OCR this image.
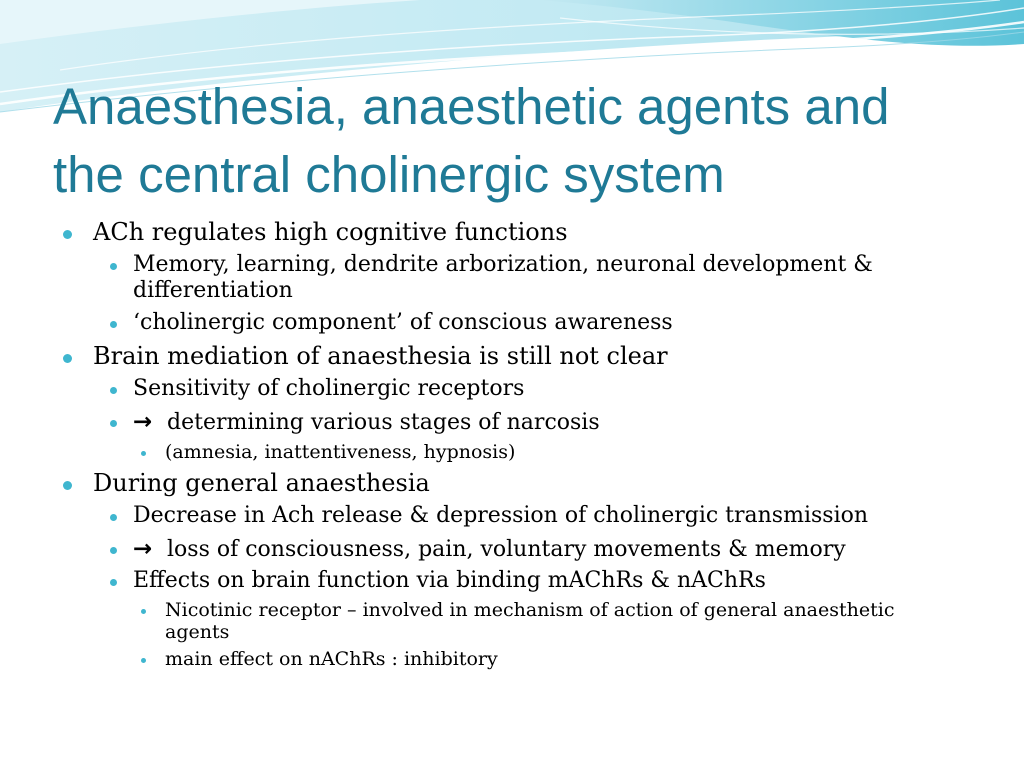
Anaesthesia, anaesthetic agents and the central cholinergic system
ACh regulates high cognitive functions
Memory, learning, dendrite arborization, neuronal development & differentiation
‘cholinergic component’ of conscious awareness
Brain mediation of anaesthesia is still not clear
Sensitivity of cholinergic receptors
→ determining various stages of narcosis
(amnesia, inattentiveness, hypnosis)
During general anaesthesia
Decrease in Ach release & depression of cholinergic transmission
→ loss of consciousness, pain, voluntary movements & memory
Effects on brain function via binding mAChRs & nAChRs
Nicotinic receptor – involved in mechanism of action of general anaesthetic agents
main effect on nAChRs : inhibitory
